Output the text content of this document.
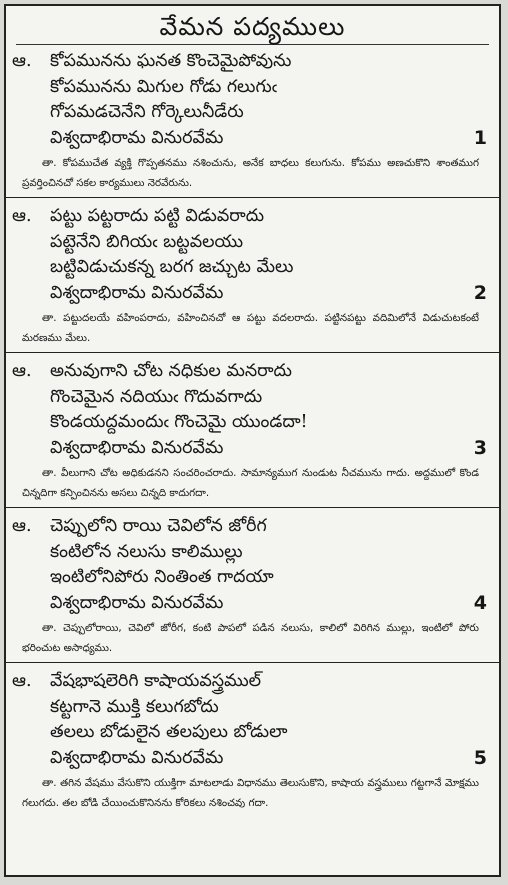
వేమన పద్యములు
ఆ. కోపమునను ఘనత కొంచెమైపోవును
కోపమునను మిగుల గోడు గలుగుఁ
గోపమడచెనేని గోర్కెలునీడేరు
విశ్వదాభిరామ వినురవేమ	1
తా. కోపముచేత వ్యక్తి గొప్పతనము నశించును, అనేక బాధలు కలుగును. కోపము అణచుకొని శాంతముగ ప్రవర్తించినచో సకల కార్యములు నెరవేరును.
ఆ. పట్టు పట్టరాదు పట్టి విడువరాదు
పట్టెనేని బిగియఁ బట్టవలయు
బట్టివిడుచుకన్న బరగ జచ్చుట మేలు
విశ్వదాభిరామ వినురవేమ	2
తా. పట్టుదలయే వహింపరాదు, వహించినచో ఆ పట్టు వదలరాదు. పట్టినపట్టు వదిమిలోనే విడుచుటకంటే మరణము మేలు.
ఆ. అనువుగాని చోట నధికుల మనరాదు
గొంచెమైన నదియుఁ గొదువగాదు
కొండయద్దమందుఁ గొంచెమై యుండదా!
విశ్వదాభిరామ వినురవేమ	3
తా. వీలుగాని చోట అధికుడనని సంచరించరాదు. సామాన్యముగ నుండుట నీచమును గాదు. అద్దములో కొండ చిన్నదిగా కన్పించినను అసలు చిన్నది కాదుగదా.
ఆ. చెప్పులోని రాయి చెవిలోన జోరీగ
కంటిలోన నలుసు కాలిముల్లు
ఇంటిలోనిపోరు నింతింత గాదయా
విశ్వదాభిరామ వినురవేమ	4
తా. చెప్పులోరాయి, చెవిలో జోరీగ, కంటి పాపలో పడిన నలుసు, కాలిలో విరిగిన ముల్లు, ఇంటిలో పోరు భరించుట అసాధ్యము.
ఆ. వేషభాషలెరిగి కాషాయవస్త్రముల్
కట్టగానె ముక్తి కలుగబోదు
తలలు బోడులైన తలపులు బోడులా
విశ్వదాభిరామ వినురవేమ	5
తా. తగిన వేషము వేసుకొని యుక్తిగా మాటలాడు విధానము తెలుసుకొని, కాషాయ వస్త్రములు గట్టగానే మోక్షము గలుగదు. తల బోడి చేయించుకొనినను కోరికలు నశించవు గదా.
